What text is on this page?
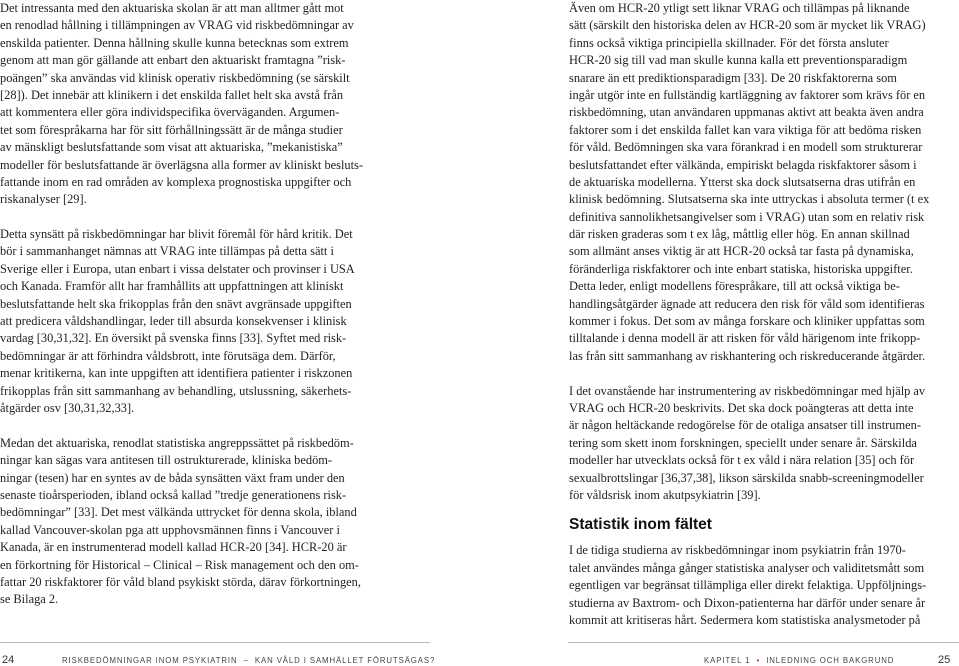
Det intressanta med den aktuariska skolan är att man alltmer gått mot
en renodlad hållning i tillämpningen av VRAG vid riskbedömningar av
enskilda patienter. Denna hållning skulle kunna betecknas som extrem
genom att man gör gällande att enbart den aktuariskt framtagna ”risk-
poängen” ska användas vid klinisk operativ riskbedömning (se särskilt
[28]). Det innebär att klinikern i det enskilda fallet helt ska avstå från
att kommentera eller göra individspecifika överväganden. Argumen-
tet som förespråkarna har för sitt förhållningssätt är de många studier
av mänskligt beslutsfattande som visat att aktuariska, ”mekanistiska”
modeller för beslutsfattande är överlägsna alla former av kliniskt besluts-
fattande inom en rad områden av komplexa prognostiska uppgifter och
riskanalyser [29].
Detta synsätt på riskbedömningar har blivit föremål för hård kritik. Det
bör i sammanhanget nämnas att VRAG inte tillämpas på detta sätt i
Sverige eller i Europa, utan enbart i vissa delstater och provinser i USA
och Kanada. Framför allt har framhållits att uppfattningen att kliniskt
beslutsfattande helt ska frikopplas från den snävt avgränsade uppgiften
att predicera våldshandlingar, leder till absurda konsekvenser i klinisk
vardag [30,31,32]. En översikt på svenska finns [33]. Syftet med risk-
bedömningar är att förhindra våldsbrott, inte förutsäga dem. Därför,
menar kritikerna, kan inte uppgiften att identifiera patienter i riskzonen
frikopplas från sitt sammanhang av behandling, utslussning, säkerhets-
åtgärder osv [30,31,32,33].
Medan det aktuariska, renodlat statistiska angreppssättet på riskbedöm-
ningar kan sägas vara antitesen till ostrukturerade, kliniska bedöm-
ningar (tesen) har en syntes av de båda synsätten växt fram under den
senaste tioårsperioden, ibland också kallad ”tredje generationens risk-
bedömningar” [33]. Det mest välkända uttrycket för denna skola, ibland
kallad Vancouver-skolan pga att upphovsmännen finns i Vancouver i
Kanada, är en instrumenterad modell kallad HCR-20 [34]. HCR-20 är
en förkortning för Historical – Clinical – Risk management och den om-
fattar 20 riskfaktorer för våld bland psykiskt störda, därav förkortningen,
se Bilaga 2.
Även om HCR-20 ytligt sett liknar VRAG och tillämpas på liknande
sätt (särskilt den historiska delen av HCR-20 som är mycket lik VRAG)
finns också viktiga principiella skillnader. För det första ansluter
HCR-20 sig till vad man skulle kunna kalla ett preventionsparadigm
snarare än ett prediktionsparadigm [33]. De 20 riskfaktorerna som
ingår utgör inte en fullständig kartläggning av faktorer som krävs för en
riskbedömning, utan användaren uppmanas aktivt att beakta även andra
faktorer som i det enskilda fallet kan vara viktiga för att bedöma risken
för våld. Bedömningen ska vara förankrad i en modell som strukturerar
beslutsfattandet efter välkända, empiriskt belagda riskfaktorer såsom i
de aktuariska modellerna. Ytterst ska dock slutsatserna dras utifrån en
klinisk bedömning. Slutsatserna ska inte uttryckas i absoluta termer (t ex
definitiva sannolikhetsangivelser som i VRAG) utan som en relativ risk
där risken graderas som t ex låg, måttlig eller hög. En annan skillnad
som allmänt anses viktig är att HCR-20 också tar fasta på dynamiska,
föränderliga riskfaktorer och inte enbart statiska, historiska uppgifter.
Detta leder, enligt modellens förespråkare, till att också viktiga be-
handlingsåtgärder ägnade att reducera den risk för våld som identifieras
kommer i fokus. Det som av många forskare och kliniker uppfattas som
tilltalande i denna modell är att risken för våld härigenom inte frikopp-
las från sitt sammanhang av riskhantering och riskreducerande åtgärder.
I det ovanstående har instrumentering av riskbedömningar med hjälp av
VRAG och HCR-20 beskrivits. Det ska dock poängteras att detta inte
är någon heltäckande redogörelse för de otaliga ansatser till instrumen-
tering som skett inom forskningen, speciellt under senare år. Särskilda
modeller har utvecklats också för t ex våld i nära relation [35] och för
sexualbrottslingar [36,37,38], likson särskilda snabb-screeningmodeller
för våldsrisk inom akutpsykiatrin [39].
Statistik inom fältet
I de tidiga studierna av riskbedömningar inom psykiatrin från 1970-
talet användes många gånger statistiska analyser och validitetsmått som
egentligen var begränsat tillämpliga eller direkt felaktiga. Uppföljnings-
studierna av Baxtrom- och Dixon-patienterna har därför under senare år
kommit att kritiseras hårt. Sedermera kom statistiska analysmetoder på
24	RISKBEDÖMNINGAR INOM PSYKIATRIN – KAN VÅLD I SAMHÄLLET FÖRUTSÄGAS?	KAPITEL 1 • INLEDNING OCH BAKGRUND	25
